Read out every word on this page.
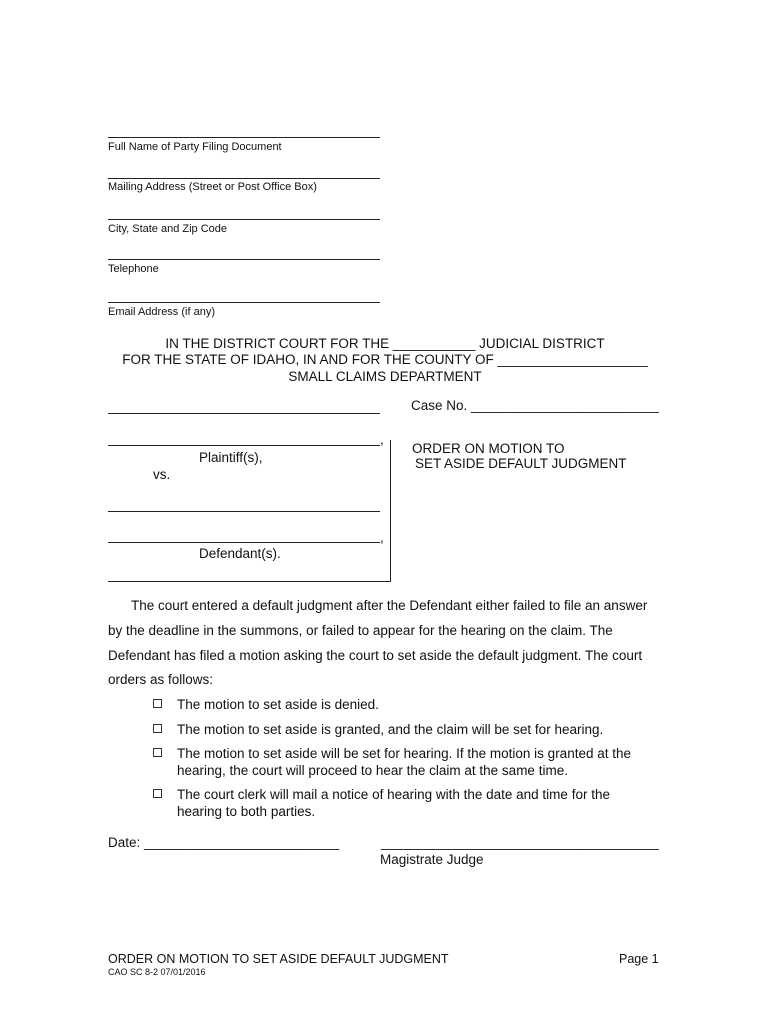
Full Name of Party Filing Document
Mailing Address (Street or Post Office Box)
City, State and Zip Code
Telephone
Email Address (if any)
IN THE DISTRICT COURT FOR THE ___________ JUDICIAL DISTRICT
FOR THE STATE OF IDAHO, IN AND FOR THE COUNTY OF ____________________
SMALL CLAIMS DEPARTMENT
Case No. _________________________
,
Plaintiff(s),
vs.
ORDER ON MOTION TO
SET ASIDE DEFAULT JUDGMENT
,
Defendant(s).
The court entered a default judgment after the Defendant either failed to file an answer
by the deadline in the summons, or failed to appear for the hearing on the claim. The
Defendant has filed a motion asking the court to set aside the default judgment. The court
orders as follows:
The motion to set aside is denied.
The motion to set aside is granted, and the claim will be set for hearing.
The motion to set aside will be set for hearing. If the motion is granted at the
hearing, the court will proceed to hear the claim at the same time.
The court clerk will mail a notice of hearing with the date and time for the
hearing to both parties.
Date: __________________________	_____________________________________
Magistrate Judge
ORDER ON MOTION TO SET ASIDE DEFAULT JUDGMENT	Page 1
CAO SC 8-2 07/01/2016
